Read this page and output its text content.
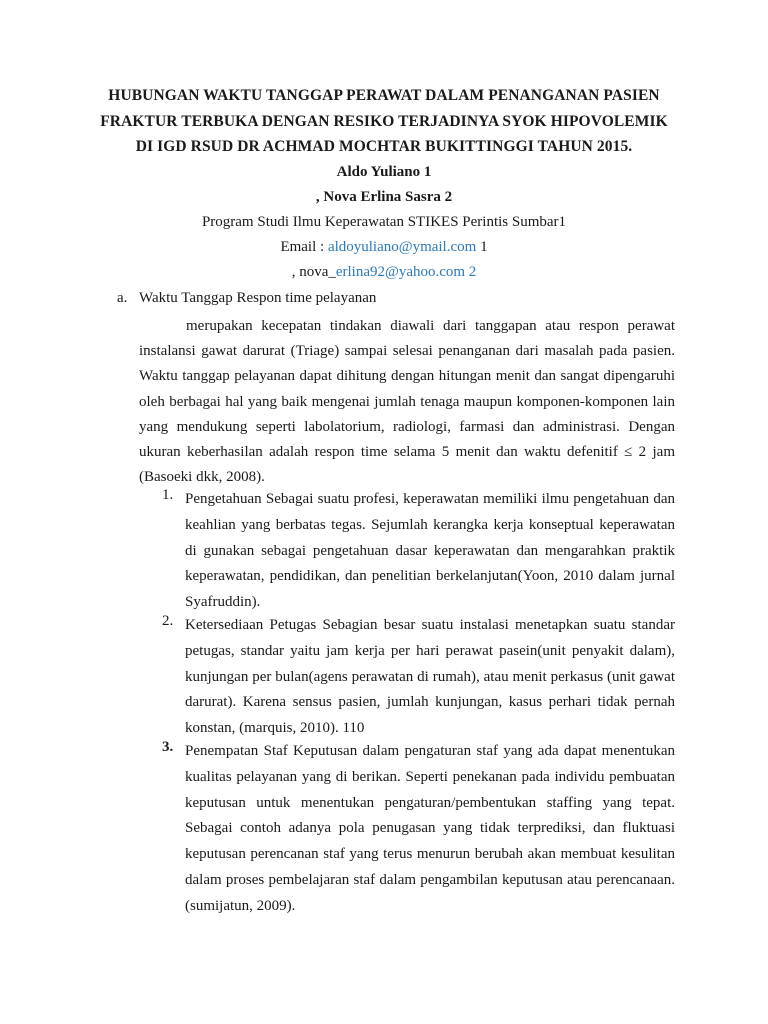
HUBUNGAN WAKTU TANGGAP PERAWAT DALAM PENANGANAN PASIEN
FRAKTUR TERBUKA DENGAN RESIKO TERJADINYA SYOK HIPOVOLEMIK
DI IGD RSUD DR ACHMAD MOCHTAR BUKITTINGGI TAHUN 2015.
Aldo Yuliano 1
, Nova Erlina Sasra 2
Program Studi Ilmu Keperawatan STIKES Perintis Sumbar1
Email : aldoyuliano@ymail.com 1
, nova_erlina92@yahoo.com 2
a. Waktu Tanggap Respon time pelayanan
merupakan kecepatan tindakan diawali dari tanggapan atau respon perawat instalansi gawat darurat (Triage) sampai selesai penanganan dari masalah pada pasien. Waktu tanggap pelayanan dapat dihitung dengan hitungan menit dan sangat dipengaruhi oleh berbagai hal yang baik mengenai jumlah tenaga maupun komponen-komponen lain yang mendukung seperti labolatorium, radiologi, farmasi dan administrasi. Dengan ukuran keberhasilan adalah respon time selama 5 menit dan waktu defenitif ≤ 2 jam (Basoeki dkk, 2008).
1. Pengetahuan Sebagai suatu profesi, keperawatan memiliki ilmu pengetahuan dan keahlian yang berbatas tegas. Sejumlah kerangka kerja konseptual keperawatan di gunakan sebagai pengetahuan dasar keperawatan dan mengarahkan praktik keperawatan, pendidikan, dan penelitian berkelanjutan(Yoon, 2010 dalam jurnal Syafruddin).
2. Ketersediaan Petugas Sebagian besar suatu instalasi menetapkan suatu standar petugas, standar yaitu jam kerja per hari perawat pasein(unit penyakit dalam), kunjungan per bulan(agens perawatan di rumah), atau menit perkasus (unit gawat darurat). Karena sensus pasien, jumlah kunjungan, kasus perhari tidak pernah konstan, (marquis, 2010). 110
3. Penempatan Staf Keputusan dalam pengaturan staf yang ada dapat menentukan kualitas pelayanan yang di berikan. Seperti penekanan pada individu pembuatan keputusan untuk menentukan pengaturan/pembentukan staffing yang tepat. Sebagai contoh adanya pola penugasan yang tidak terprediksi, dan fluktuasi keputusan perencanan staf yang terus menurun berubah akan membuat kesulitan dalam proses pembelajaran staf dalam pengambilan keputusan atau perencanaan. (sumijatun, 2009).
